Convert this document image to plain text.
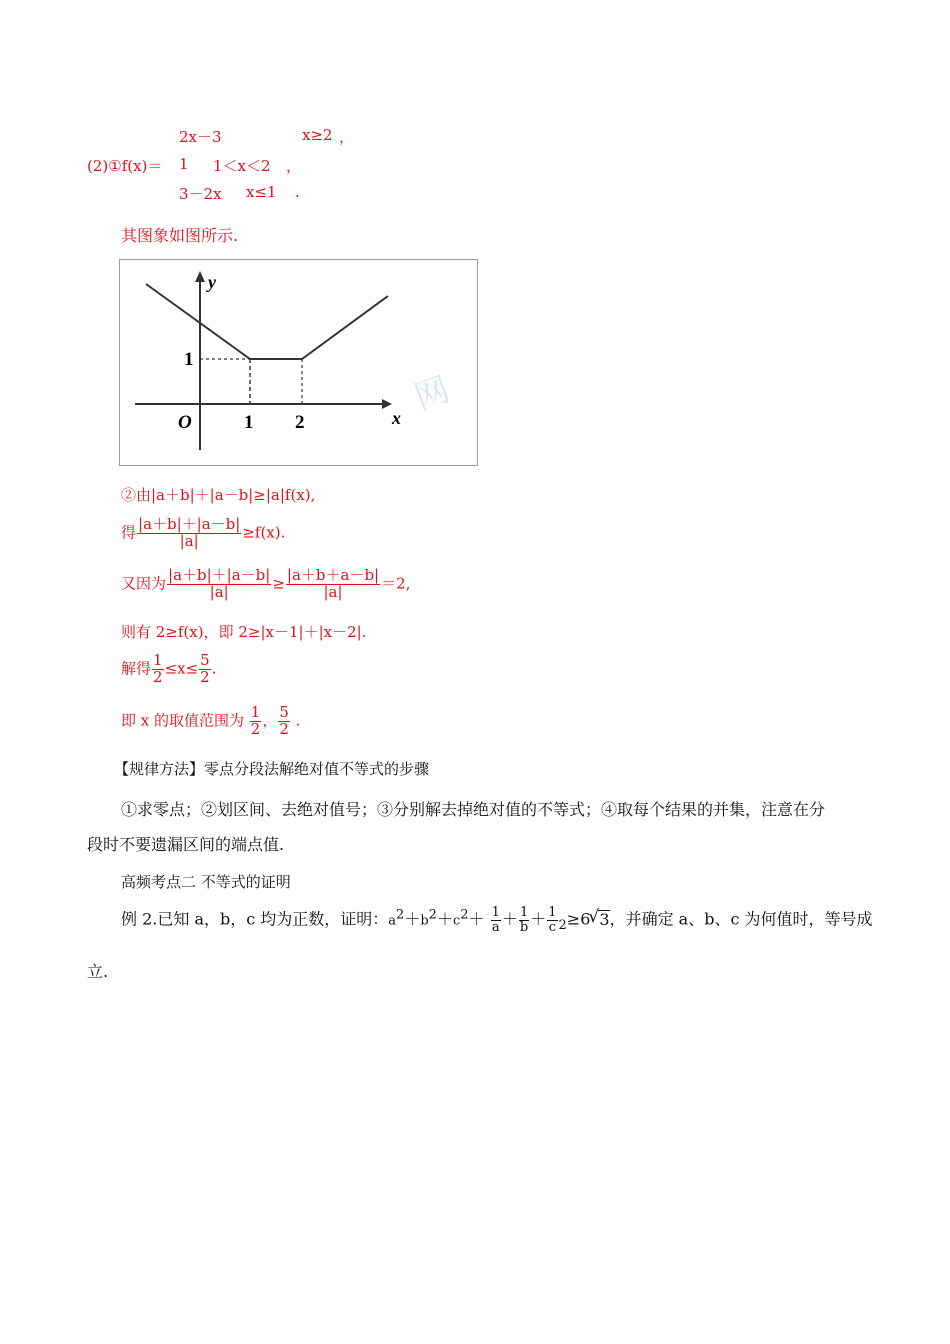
(2)①f(x)＝
2x－3	x≥2 ，
1 1＜x＜2 ，
3－2x x≤1 .
其图象如图所示.
网
y
x
O	1 2
1
②由|a＋b|＋|a－b|≥|a|f(x),
得 $\frac{|a+b|+|a-b|}{|a|} \ge f(x)$.
又因为 $\frac{|a+b|+|a-b|}{|a|} \ge \frac{|a+b+a-b|}{|a|} =2$,
则有 2≥f(x)，即 2≥|x－1|＋|x－2|.
解得 $\frac{1}{2} \le x\le \frac{5}{2}$ .
即 x 的取值范围为 $\frac{1}{2}$ ， $\frac{5}{2}$ .
【规律方法】零点分段法解绝对值不等式的步骤
①求零点；②划区间、去绝对值号；③分别解去掉绝对值的不等式；④取每个结果的并集，注意在分
段时不要遗漏区间的端点值.
高频考点二 不等式的证明
例 2.已知 a，b，c 均为正数，证明：$a^2+b^2+c^2+ \frac{1}{a} + \frac{1}{b} + \frac{1}{c} _2\ge 6√$ 3，并确定 a、b、c 为何值时，等号成
立.
